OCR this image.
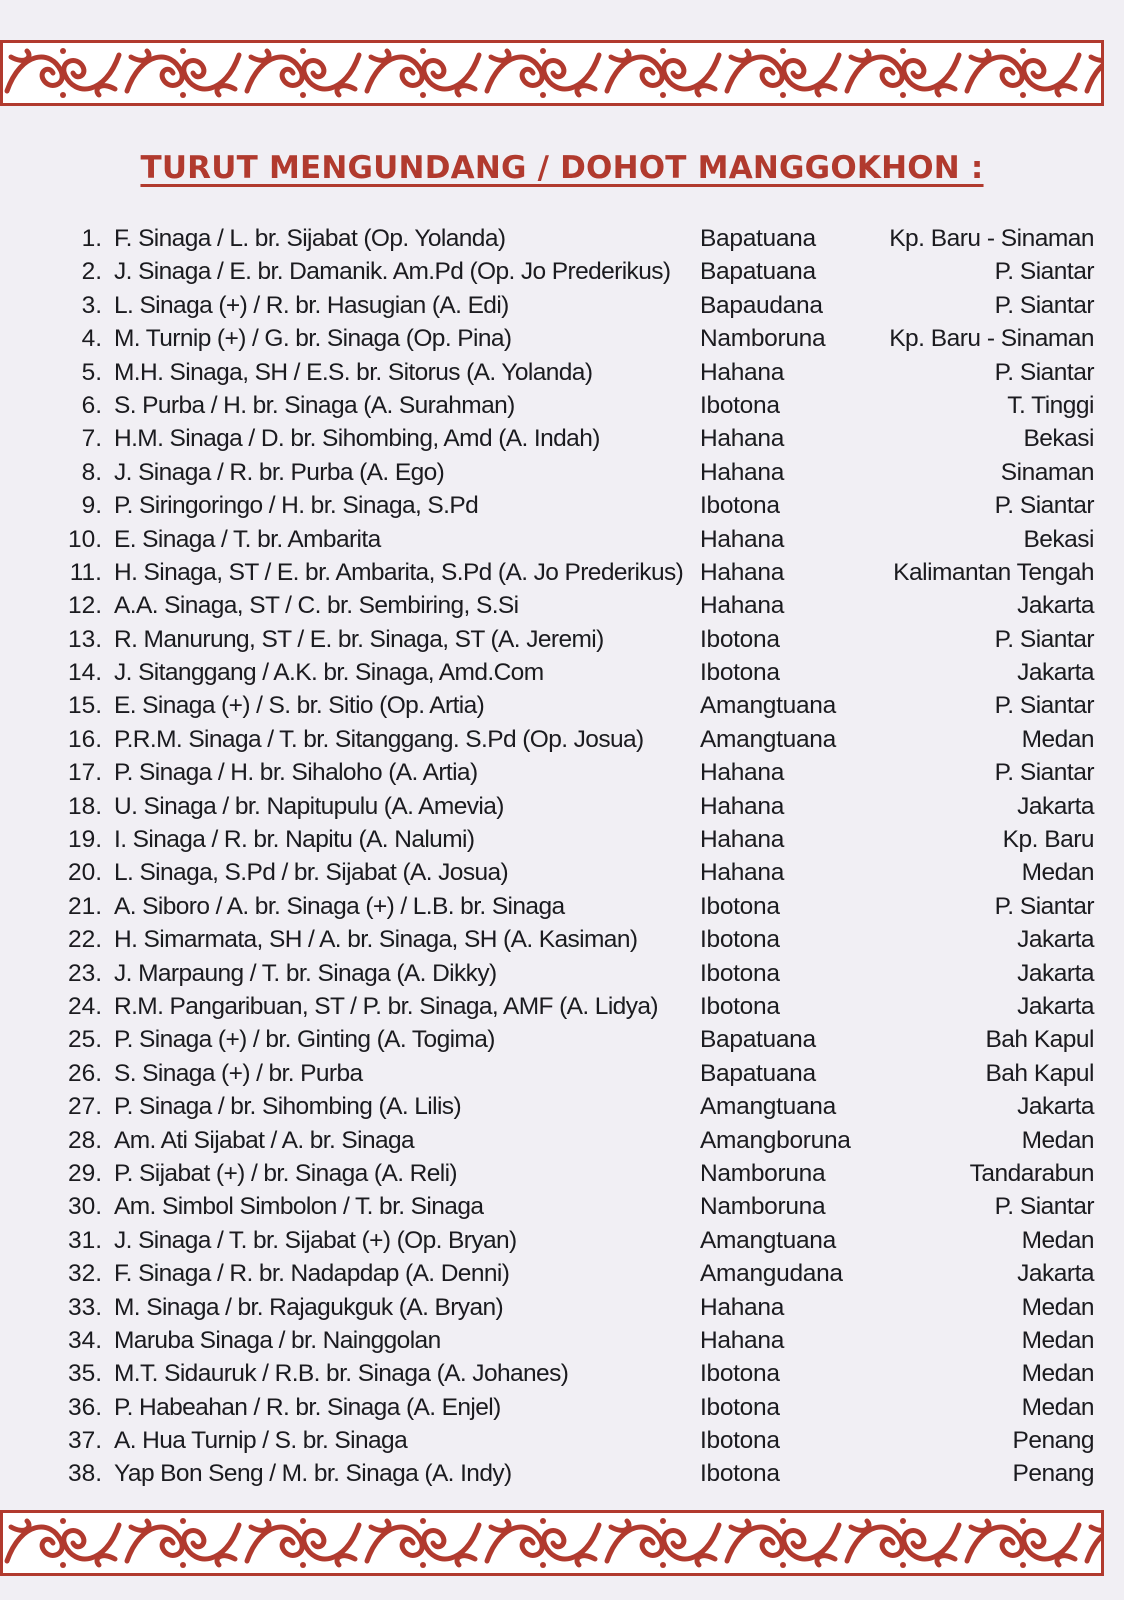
TURUT MENGUNDANG / DOHOT MANGGOKHON :
1. F. Sinaga / L. br. Sijabat (Op. Yolanda)	Bapatuana	Kp. Baru - Sinaman
2. J. Sinaga / E. br. Damanik. Am.Pd (Op. Jo Prederikus) Bapatuana	P. Siantar
3. L. Sinaga (+) / R. br. Hasugian (A. Edi)	Bapaudana	P. Siantar
4. M. Turnip (+) / G. br. Sinaga (Op. Pina)	Namboruna	Kp. Baru - Sinaman
5. M.H. Sinaga, SH / E.S. br. Sitorus (A. Yolanda)	Hahana	P. Siantar
6. S. Purba / H. br. Sinaga (A. Surahman)	Ibotona	T. Tinggi
7. H.M. Sinaga / D. br. Sihombing, Amd (A. Indah)	Hahana	Bekasi
8. J. Sinaga / R. br. Purba (A. Ego)	Hahana	Sinaman
9. P. Siringoringo / H. br. Sinaga, S.Pd	Ibotona	P. Siantar
10. E. Sinaga / T. br. Ambarita	Hahana	Bekasi
11. H. Sinaga, ST / E. br. Ambarita, S.Pd (A. Jo Prederikus) Hahana	Kalimantan Tengah
12. A.A. Sinaga, ST / C. br. Sembiring, S.Si	Hahana	Jakarta
13. R. Manurung, ST / E. br. Sinaga, ST (A. Jeremi)	Ibotona	P. Siantar
14. J. Sitanggang / A.K. br. Sinaga, Amd.Com	Ibotona	Jakarta
15. E. Sinaga (+) / S. br. Sitio (Op. Artia)	Amangtuana	P. Siantar
16. P.R.M. Sinaga / T. br. Sitanggang. S.Pd (Op. Josua) Amangtuana	Medan
17. P. Sinaga / H. br. Sihaloho (A. Artia)	Hahana	P. Siantar
18. U. Sinaga / br. Napitupulu (A. Amevia)	Hahana	Jakarta
19. I. Sinaga / R. br. Napitu (A. Nalumi)	Hahana	Kp. Baru
20. L. Sinaga, S.Pd / br. Sijabat (A. Josua)	Hahana	Medan
21. A. Siboro / A. br. Sinaga (+) / L.B. br. Sinaga	Ibotona	P. Siantar
22. H. Simarmata, SH / A. br. Sinaga, SH (A. Kasiman)	Ibotona	Jakarta
23. J. Marpaung / T. br. Sinaga (A. Dikky)	Ibotona	Jakarta
24. R.M. Pangaribuan, ST / P. br. Sinaga, AMF (A. Lidya) Ibotona	Jakarta
25. P. Sinaga (+) / br. Ginting (A. Togima)	Bapatuana	Bah Kapul
26. S. Sinaga (+) / br. Purba	Bapatuana	Bah Kapul
27. P. Sinaga / br. Sihombing (A. Lilis)	Amangtuana	Jakarta
28. Am. Ati Sijabat / A. br. Sinaga	Amangboruna	Medan
29. P. Sijabat (+) / br. Sinaga (A. Reli)	Namboruna	Tandarabun
30. Am. Simbol Simbolon / T. br. Sinaga	Namboruna	P. Siantar
31. J. Sinaga / T. br. Sijabat (+) (Op. Bryan)	Amangtuana	Medan
32. F. Sinaga / R. br. Nadapdap (A. Denni)	Amangudana	Jakarta
33. M. Sinaga / br. Rajagukguk (A. Bryan)	Hahana	Medan
34. Maruba Sinaga / br. Nainggolan	Hahana	Medan
35. M.T. Sidauruk / R.B. br. Sinaga (A. Johanes)	Ibotona	Medan
36. P. Habeahan / R. br. Sinaga (A. Enjel)	Ibotona	Medan
37. A. Hua Turnip / S. br. Sinaga	Ibotona	Penang
38. Yap Bon Seng / M. br. Sinaga (A. Indy)	Ibotona	Penang
